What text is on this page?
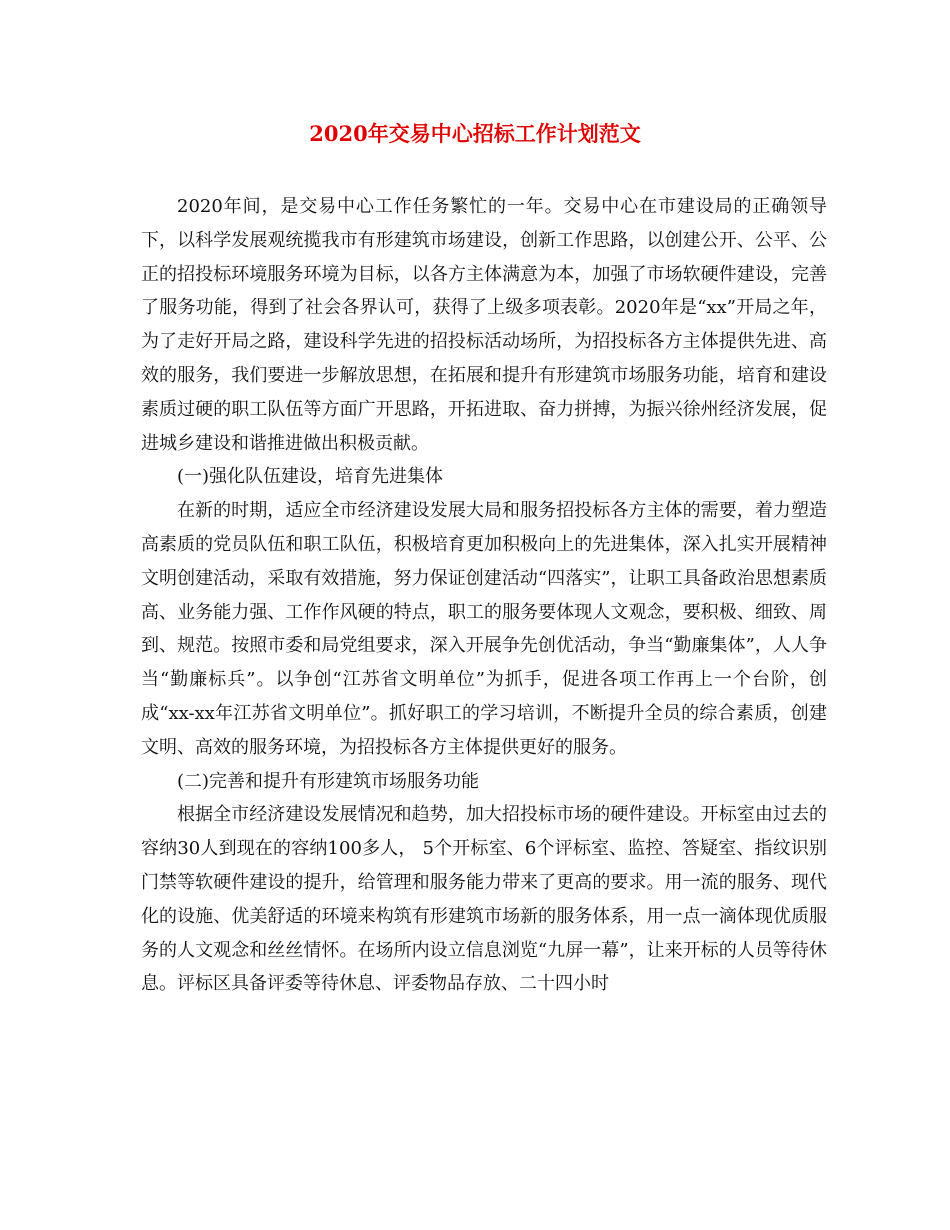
2020年交易中心招标工作计划范文

2020年间，是交易中心工作任务繁忙的一年。交易中心在市建设局的正确领导下，以科学发展观统揽我市有形建筑市场建设，创新工作思路，以创建公开、公平、公正的招投标环境服务环境为目标，以各方主体满意为本，加强了市场软硬件建设，完善了服务功能，得到了社会各界认可，获得了上级多项表彰。2020年是“xx”开局之年，为了走好开局之路，建设科学先进的招投标活动场所，为招投标各方主体提供先进、高效的服务，我们要进一步解放思想，在拓展和提升有形建筑市场服务功能，培育和建设素质过硬的职工队伍等方面广开思路，开拓进取、奋力拼搏，为振兴徐州经济发展，促进城乡建设和谐推进做出积极贡献。

(一)强化队伍建设，培育先进集体

在新的时期，适应全市经济建设发展大局和服务招投标各方主体的需要，着力塑造高素质的党员队伍和职工队伍，积极培育更加积极向上的先进集体，深入扎实开展精神文明创建活动，采取有效措施，努力保证创建活动“四落实”，让职工具备政治思想素质高、业务能力强、工作作风硬的特点，职工的服务要体现人文观念，要积极、细致、周到、规范。按照市委和局党组要求，深入开展争先创优活动，争当“勤廉集体”，人人争当“勤廉标兵”。以争创“江苏省文明单位”为抓手，促进各项工作再上一个台阶，创成“xx-xx年江苏省文明单位”。抓好职工的学习培训，不断提升全员的综合素质，创建文明、高效的服务环境，为招投标各方主体提供更好的服务。

(二)完善和提升有形建筑市场服务功能

根据全市经济建设发展情况和趋势，加大招投标市场的硬件建设。开标室由过去的容纳30人到现在的容纳100多人， 5个开标室、6个评标室、监控、答疑室、指纹识别门禁等软硬件建设的提升，给管理和服务能力带来了更高的要求。用一流的服务、现代化的设施、优美舒适的环境来构筑有形建筑市场新的服务体系，用一点一滴体现优质服务的人文观念和丝丝情怀。在场所内设立信息浏览“九屏一幕”，让来开标的人员等待休息。评标区具备评委等待休息、评委物品存放、二十四小时
